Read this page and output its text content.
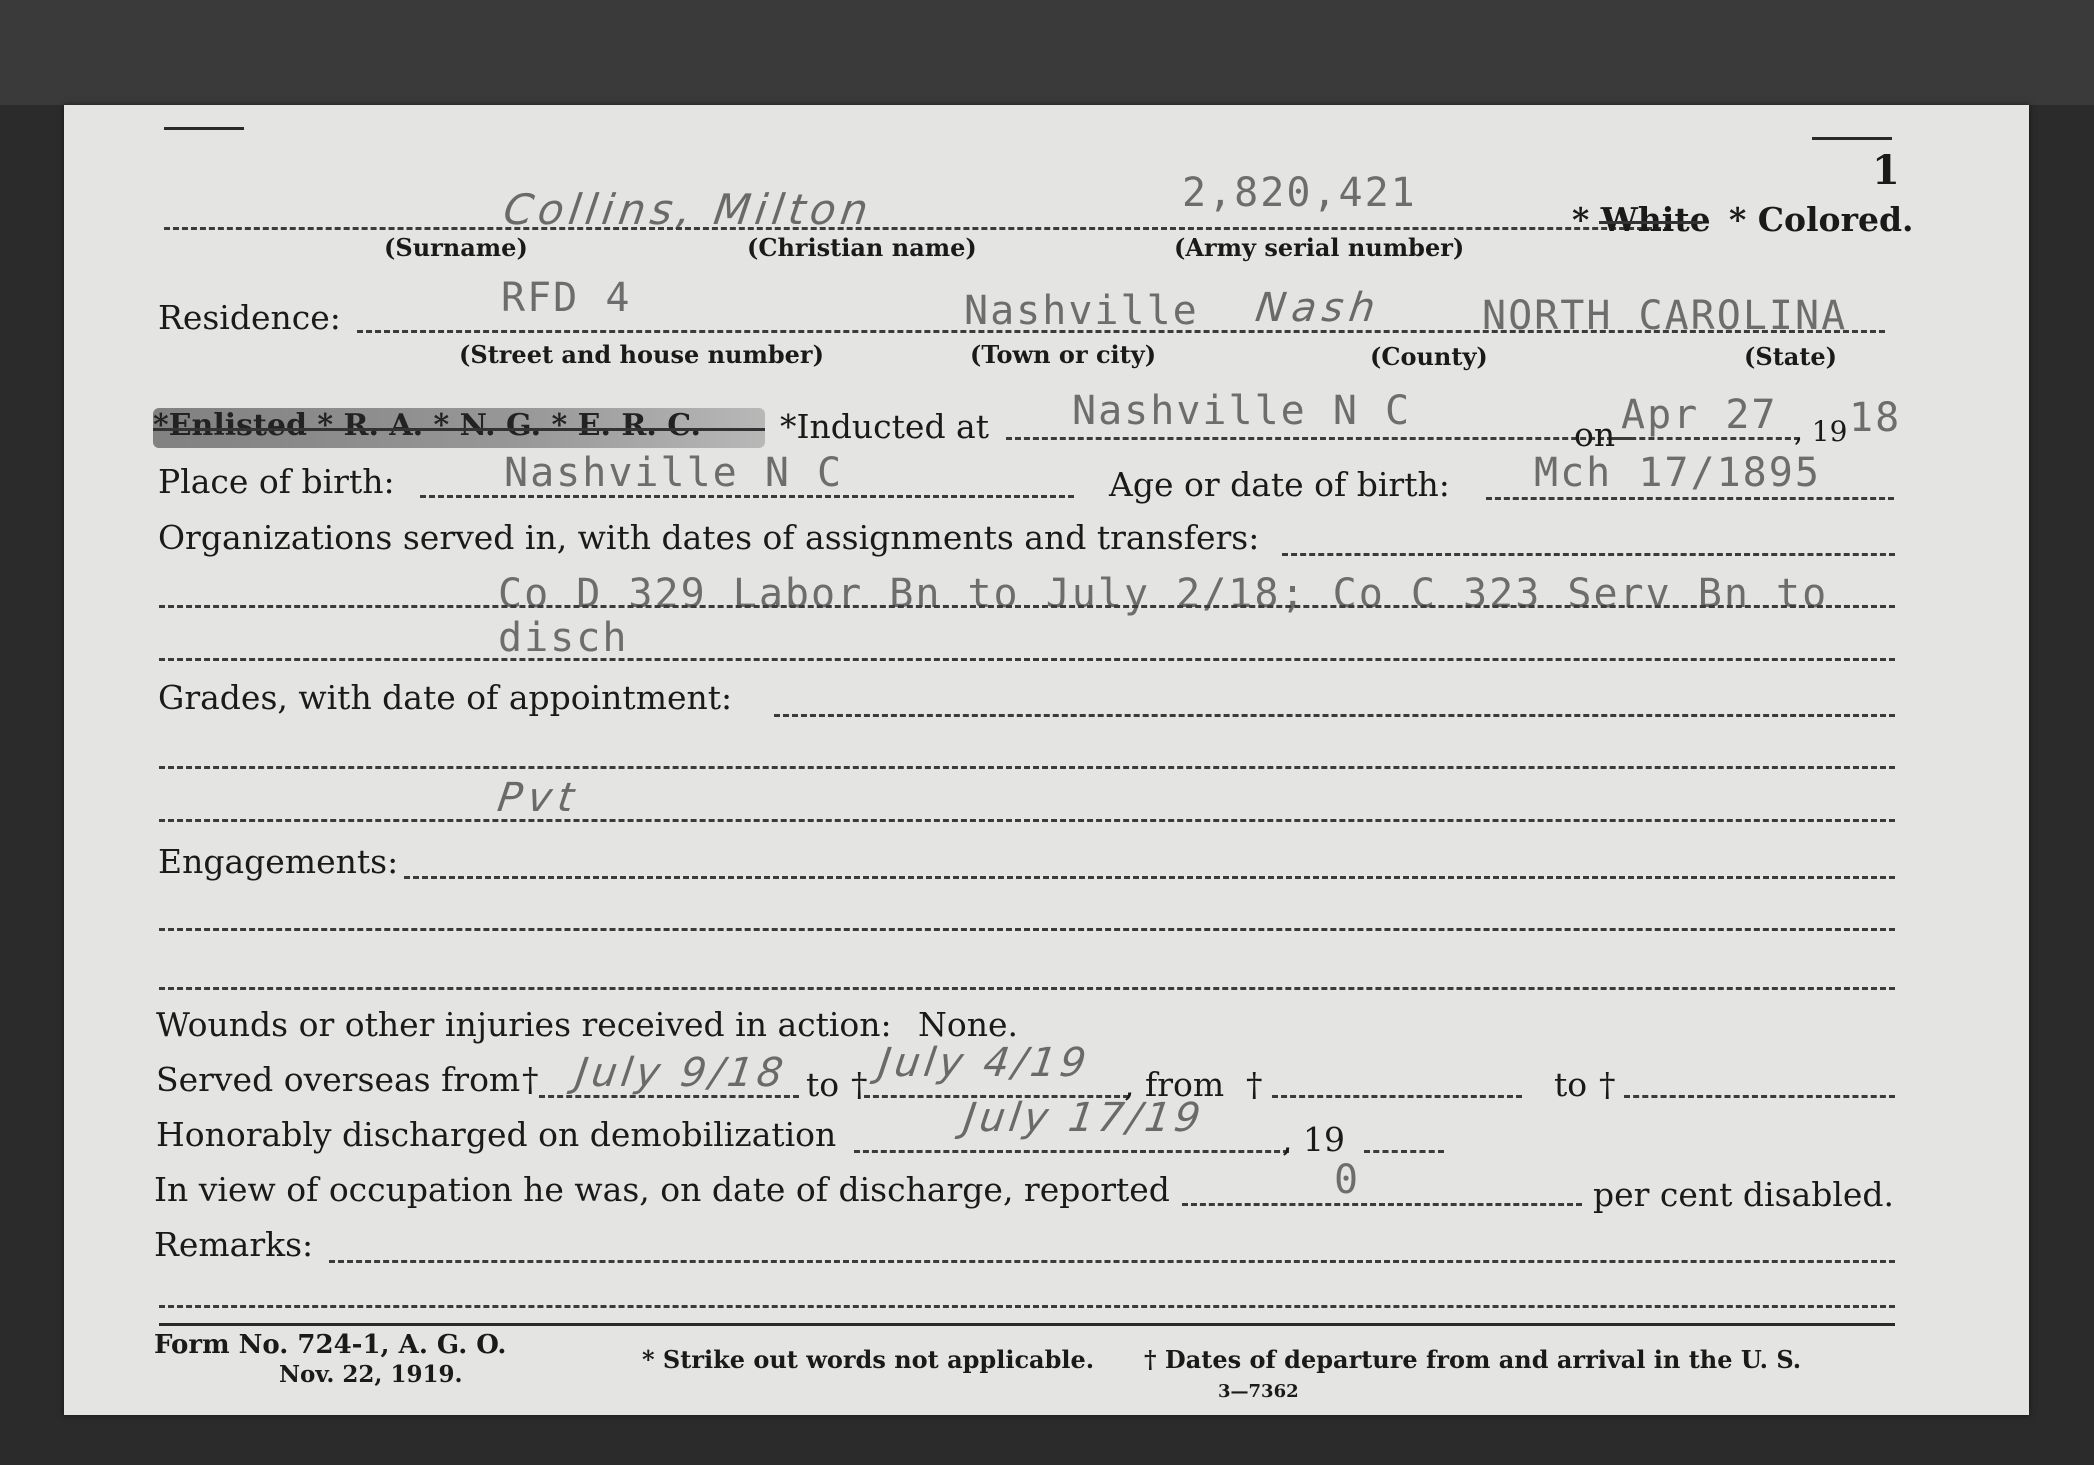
1
Collins, Milton	2,820,421
* White * Colored.
(Surname)	(Christian name)	(Army serial number)
Residence:	RFD 4	Nashville Nash NORTH CAROLINA
(Street and house number)	(Town or city)	(County)	(State)
*Enlisted * R. A. * N. G. * E. R. C. *Inducted at Nashville N C
on Apr 27 , 19 18
Place of birth:	Nashville N C	Age or date of birth: Mch 17/1895
Organizations served in, with dates of assignments and transfers:
Co D 329 Labor Bn to July 2/18; Co C 323 Serv Bn to
disch
Grades, with date of appointment:
Pvt
Engagements:
Wounds or other injuries received in action: None.
Served overseas from † July 9/18 to † July 4/19 , from †	to †
Honorably discharged on demobilization	July 17/19 , 19
In view of occupation he was, on date of discharge, reported	0	per cent disabled.
Remarks:
Form No. 724-1, A. G. O.
Nov. 22, 1919.
* Strike out words not applicable. † Dates of departure from and arrival in the U. S.
3—7362
